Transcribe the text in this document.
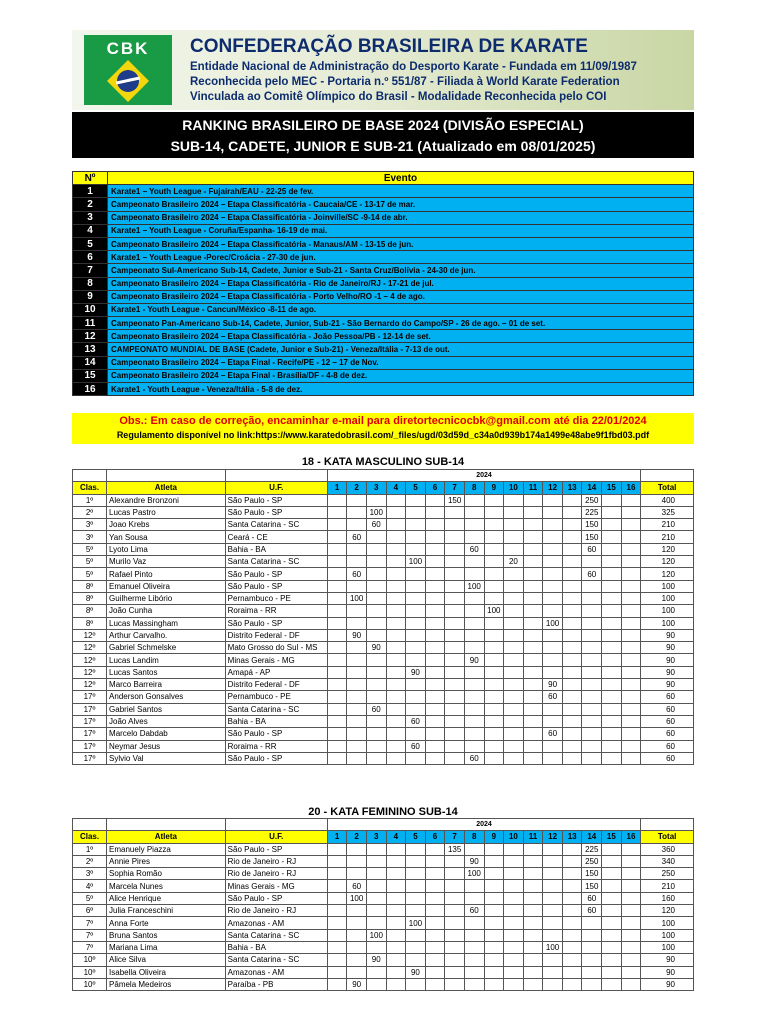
CBK	CONFEDERAÇÃO BRASILEIRA DE KARATE
Entidade Nacional de Administração do Desporto Karate - Fundada em 11/09/1987
Reconhecida pelo MEC - Portaria n.º 551/87 - Filiada à World Karate Federation
Vinculada ao Comitê Olímpico do Brasil - Modalidade Reconhecida pelo COI
RANKING BRASILEIRO DE BASE 2024 (DIVISÃO ESPECIAL)
SUB-14, CADETE, JUNIOR E SUB-21 (Atualizado em 08/01/2025)
Nº	Evento
1	Karate1 – Youth League - Fujairah/EAU - 22-25 de fev.
2	Campeonato Brasileiro 2024 – Etapa Classificatória - Caucaia/CE - 13-17 de mar.
3	Campeonato Brasileiro 2024 – Etapa Classificatória - Joinville/SC -9-14 de abr.
4	Karate1 – Youth League - Coruña/Espanha- 16-19 de mai.
5	Campeonato Brasileiro 2024 – Etapa Classificatória - Manaus/AM - 13-15 de jun.
6	Karate1 – Youth League -Porec/Croácia - 27-30 de jun.
7	Campeonato Sul-Americano Sub-14, Cadete, Junior e Sub-21 - Santa Cruz/Bolívia - 24-30 de jun.
8	Campeonato Brasileiro 2024 – Etapa Classificatória - Rio de Janeiro/RJ - 17-21 de jul.
9	Campeonato Brasileiro 2024 – Etapa Classificatória - Porto Velho/RO -1 – 4 de ago.
10	Karate1 - Youth League - Cancun/México -8-11 de ago.
11	Campeonato Pan-Americano Sub-14, Cadete, Junior, Sub-21 - São Bernardo do Campo/SP - 26 de ago. – 01 de set.
12	Campeonato Brasileiro 2024 – Etapa Classificatória - João Pessoa/PB - 12-14 de set.
13	CAMPEONATO MUNDIAL DE BASE (Cadete, Junior e Sub-21) - Veneza/Itália - 7-13 de out.
14	Campeonato Brasileiro 2024 – Etapa Final - Recife/PE - 12 – 17 de Nov.
15	Campeonato Brasileiro 2024 – Etapa Final - Brasília/DF - 4-8 de dez.
16	Karate1 - Youth League - Veneza/Itália - 5-8 de dez.
Obs.: Em caso de correção, encaminhar e-mail para diretortecnicocbk@gmail.com até dia 22/01/2024
Regulamento disponível no link:https://www.karatedobrasil.com/_files/ugd/03d59d_c34a0d939b174a1499e48abe9f1fbd03.pdf
18 - KATA MASCULINO SUB-14
			2024																
Clas.	Atleta	U.F.	1	2	3	4	5	6	7	8	9	10	11	12	13	14	15	16	Total
1º	Alexandre Bronzoni	São Paulo - SP							150							250			400
2º	Lucas Pastro	São Paulo - SP			100											225			325
3º	Joao Krebs	Santa Catarina - SC			60											150			210
3º	Yan Sousa	Ceará - CE		60												150			210
5º	Lyoto Lima	Bahia - BA								60						60			120
5º	Murilo Vaz	Santa Catarina - SC					100					20							120
5º	Rafael Pinto	São Paulo - SP		60												60			120
8º	Emanuel Oliveira	São Paulo - SP								100									100
8º	Guilherme Libório	Pernambuco - PE		100															100
8º	João Cunha	Roraima - RR									100								100
8º	Lucas Massingham	São Paulo - SP												100					100
12º	Arthur Carvalho.	Distrito Federal - DF		90															90
12º	Gabriel Schmelske	Mato Grosso do Sul - MS			90														90
12º	Lucas Landim	Minas Gerais - MG								90									90
12º	Lucas Santos	Amapá - AP					90												90
12º	Marco Barreira	Distrito Federal - DF												90					90
17º	Anderson Gonsalves	Pernambuco - PE												60					60
17º	Gabriel Santos	Santa Catarina - SC			60														60
17º	João Alves	Bahia - BA					60												60
17º	Marcelo Dabdab	São Paulo - SP												60					60
17º	Neymar Jesus	Roraima - RR					60												60
17º	Sylvio Val	São Paulo - SP								60									60
20 - KATA FEMININO SUB-14
			2024																
Clas.	Atleta	U.F.	1	2	3	4	5	6	7	8	9	10	11	12	13	14	15	16	Total
1º	Emanuely Piazza	São Paulo - SP							135							225			360
2º	Annie Pires	Rio de Janeiro - RJ								90						250			340
3º	Sophia Romão	Rio de Janeiro - RJ								100						150			250
4º	Marcela Nunes	Minas Gerais - MG		60												150			210
5º	Alice Henrique	São Paulo - SP		100												60			160
6º	Julia Franceschini	Rio de Janeiro - RJ								60						60			120
7º	Anna Forte	Amazonas - AM					100												100
7º	Bruna Santos	Santa Catarina - SC			100														100
7º	Mariana Lima	Bahia - BA												100					100
10º	Alice Silva	Santa Catarina - SC			90														90
10º	Isabella Oliveira	Amazonas - AM					90												90
10º	Pâmela Medeiros	Paraíba - PB		90															90
